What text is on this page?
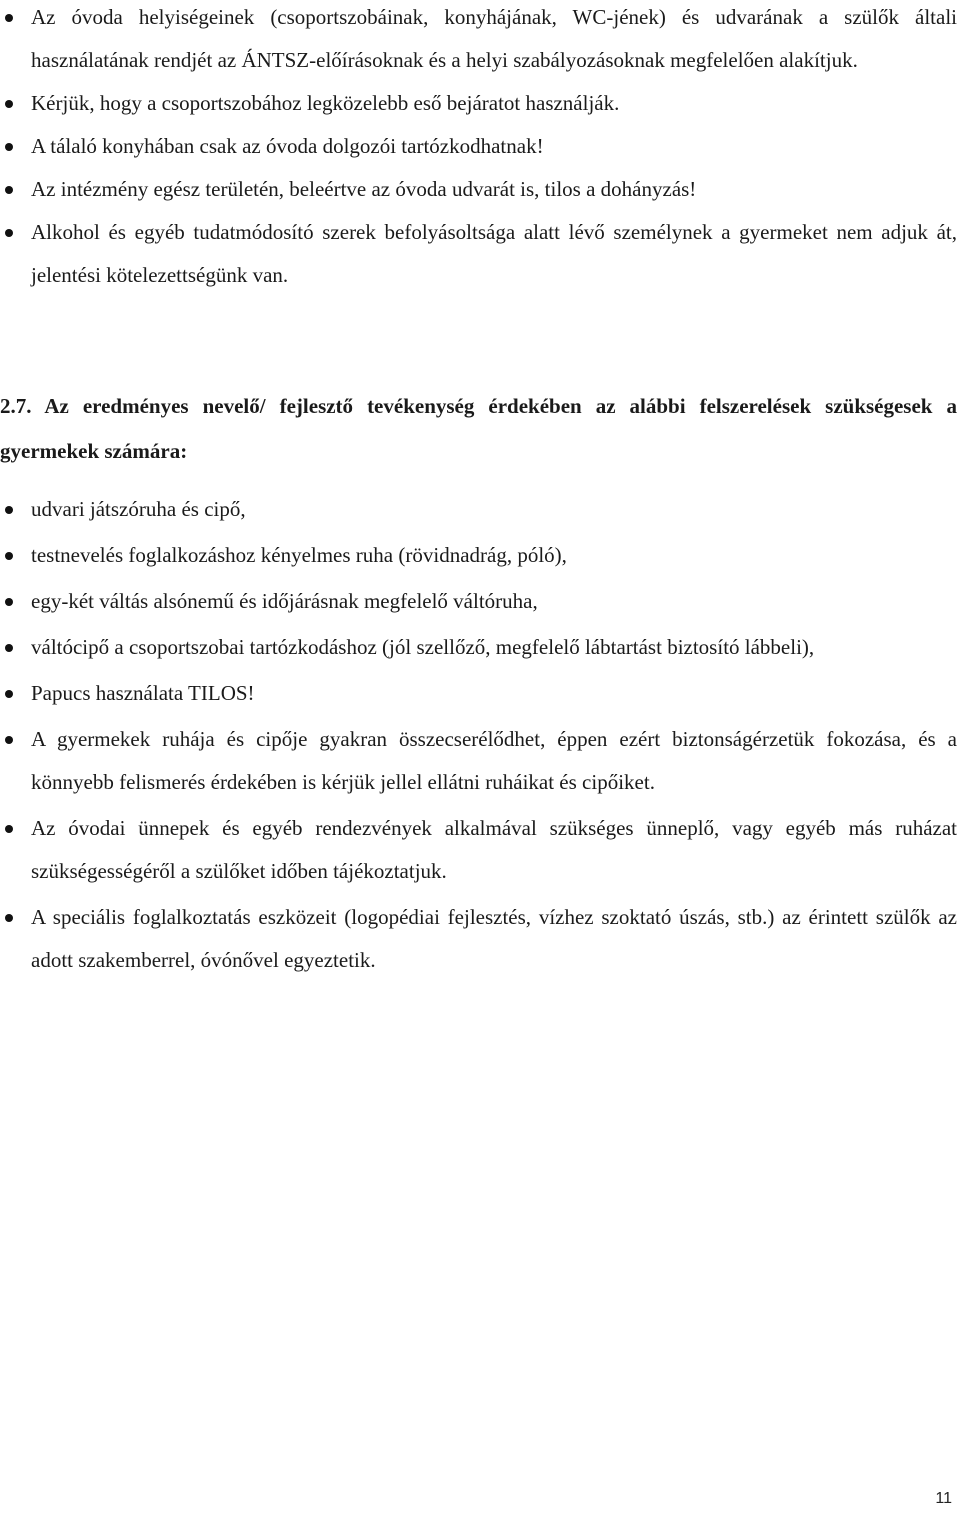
Az óvoda helyiségeinek (csoportszobáinak, konyhájának, WC-jének) és udvarának a szülők általi használatának rendjét az ÁNTSZ-előírásoknak és a helyi szabályozásoknak megfelelően alakítjuk.
Kérjük, hogy a csoportszobához legközelebb eső bejáratot használják.
A tálaló konyhában csak az óvoda dolgozói tartózkodhatnak!
Az intézmény egész területén, beleértve az óvoda udvarát is, tilos a dohányzás!
Alkohol és egyéb tudatmódosító szerek befolyásoltsága alatt lévő személynek a gyermeket nem adjuk át, jelentési kötelezettségünk van.

2.7. Az eredményes nevelő/ fejlesztő tevékenység érdekében az alábbi felszerelések szükségesek a gyermekek számára:

udvari játszóruha és cipő,
testnevelés foglalkozáshoz kényelmes ruha (rövidnadrág, póló),
egy-két váltás alsónemű és időjárásnak megfelelő váltóruha,
váltócipő a csoportszobai tartózkodáshoz (jól szellőző, megfelelő lábtartást biztosító lábbeli),
Papucs használata TILOS!
A gyermekek ruhája és cipője gyakran összecserélődhet, éppen ezért biztonságérzetük fokozása, és a könnyebb felismerés érdekében is kérjük jellel ellátni ruháikat és cipőiket.
Az óvodai ünnepek és egyéb rendezvények alkalmával szükséges ünneplő, vagy egyéb más ruházat szükségességéről a szülőket időben tájékoztatjuk.
A speciális foglalkoztatás eszközeit (logopédiai fejlesztés, vízhez szoktató úszás, stb.) az érintett szülők az adott szakemberrel, óvónővel egyeztetik.
11
